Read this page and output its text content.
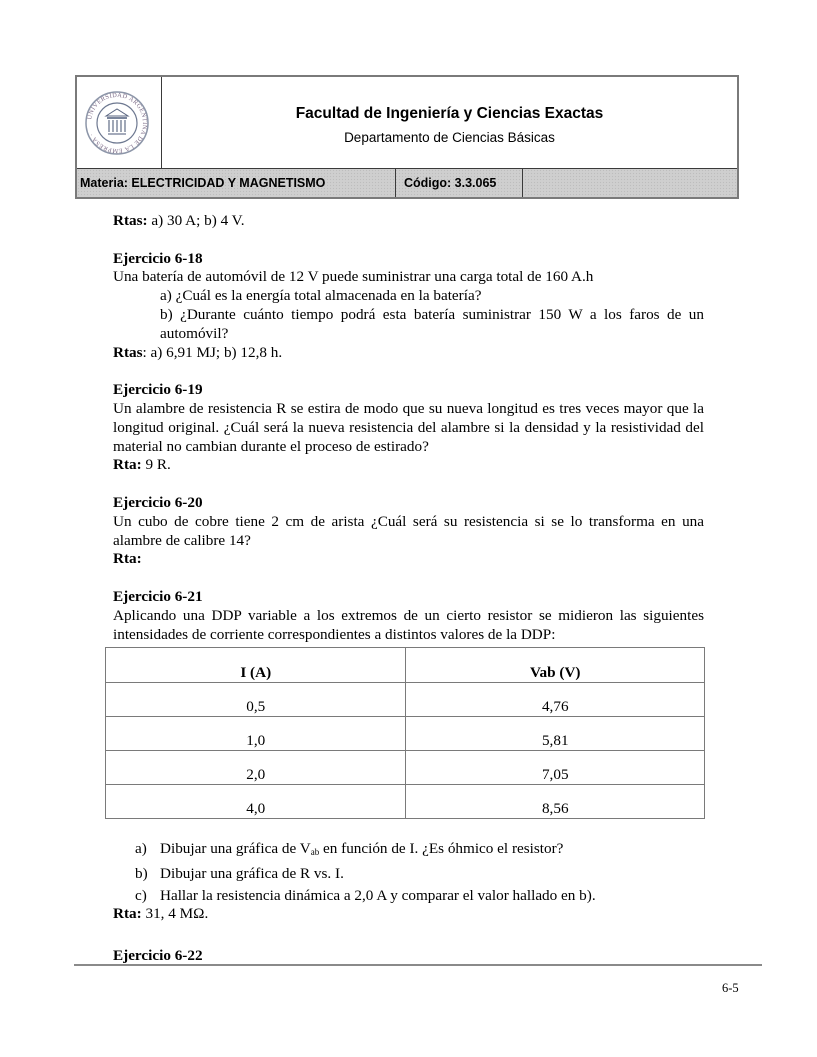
UNIVERSIDAD ARGENTINA DE LA EMPRESA ·
Facultad de Ingeniería y Ciencias Exactas
Departamento de Ciencias Básicas
Materia: ELECTRICIDAD Y MAGNETISMO	Código: 3.3.065

Rtas: a) 30 A; b) 4 V.

Ejercicio 6-18

Una batería de automóvil de 12 V puede suministrar una carga total de 160 A.h

a) ¿Cuál es la energía total almacenada en la batería?

b) ¿Durante cuánto tiempo podrá esta batería suministrar 150 W a los faros de un automóvil?

Rtas: a) 6,91 MJ; b) 12,8 h.

Ejercicio 6-19

Un alambre de resistencia R se estira de modo que su nueva longitud es tres veces mayor que la longitud original. ¿Cuál será la nueva resistencia del alambre si la densidad y la resistividad del material no cambian durante el proceso de estirado?

Rta: 9 R.

Ejercicio 6-20

Un cubo de cobre tiene 2 cm de arista ¿Cuál será su resistencia si se lo transforma en una alambre de calibre 14?

Rta:

Ejercicio 6-21

Aplicando una DDP variable a los extremos de un cierto resistor se midieron las siguientes intensidades de corriente correspondientes a distintos valores de la DDP:

I (A)	Vab (V)
0,5	4,76
1,0	5,81
2,0	7,05
4,0	8,56
a) Dibujar una gráfica de $V_{ab}$ en función de I. ¿Es óhmico el resistor?
b) Dibujar una gráfica de R vs. I.
c) Hallar la resistencia dinámica a 2,0 A y comparar el valor hallado en b).

Rta: 31, 4 MΩ.

Ejercicio 6-22

6-5
